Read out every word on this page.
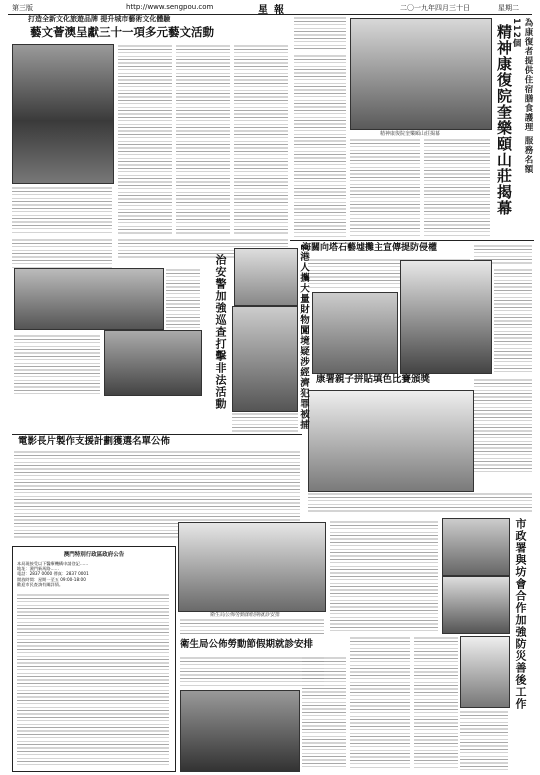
第三版	http://www.sengpou.com	星報	二〇一九年四月三十日	星期二
打造全新文化旅遊品牌 提升城市藝術文化體驗
藝文薈澳呈獻三十一項多元藝文活動
精神康復院奎樂頤山莊揭幕	為康復者提供住宿膳食護理 服務名額112個
精神康復院奎樂頤山莊揭幕
海關向塔石藝墟攤主宣傳提防侵權
康署親子拼貼填色比賽頒獎
治安警加強巡查打擊非法活動	2港人攜大量財物闖境疑涉經濟犯罪被捕
電影長片製作支援計劃獲選名單公佈
澳門特別行政區政府公告
本局現接受以下醫療機構申請登記……
地址：澳門新馬路……
電話：2837 0000 傳真：2837 0001
開放時間：星期一至五 09:00-18:00
歡迎市民查詢有關詳情。
衛生局公佈勞動節假期就診安排
衛生局公佈勞動節假期就診安排	市政署與坊會合作加強防災善後工作
